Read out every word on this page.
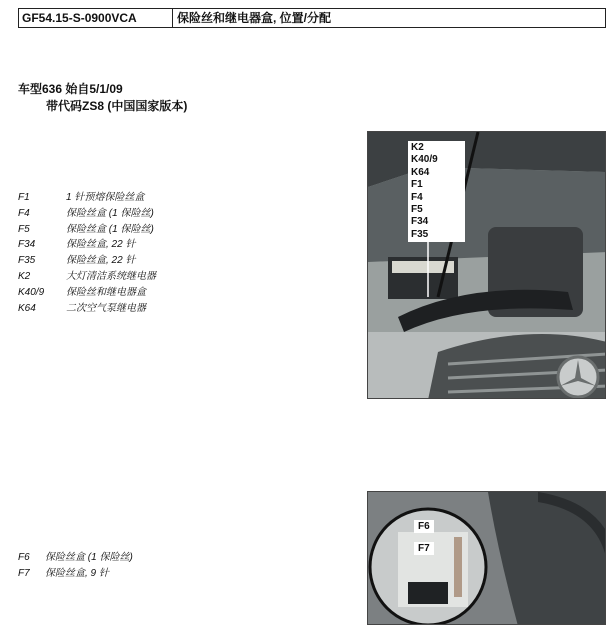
GF54.15-S-0900VCA	保险丝和继电器盒, 位置/分配
车型636 始自5/1/09
带代码ZS8 (中国国家版本)
F1	1 针预熔保险丝盒
F4	保险丝盒 (1 保险丝)
F5	保险丝盒 (1 保险丝)
F34	保险丝盒, 22 针
F35	保险丝盒, 22 针
K2	大灯清洁系统继电器
K40/9	保险丝和继电器盒
K64	二次空气泵继电器
F6	保险丝盒 (1 保险丝)
F7	保险丝盒, 9 针
K2
K40/9
K64
F1
F4
F5
F34
F35
F6
F7
